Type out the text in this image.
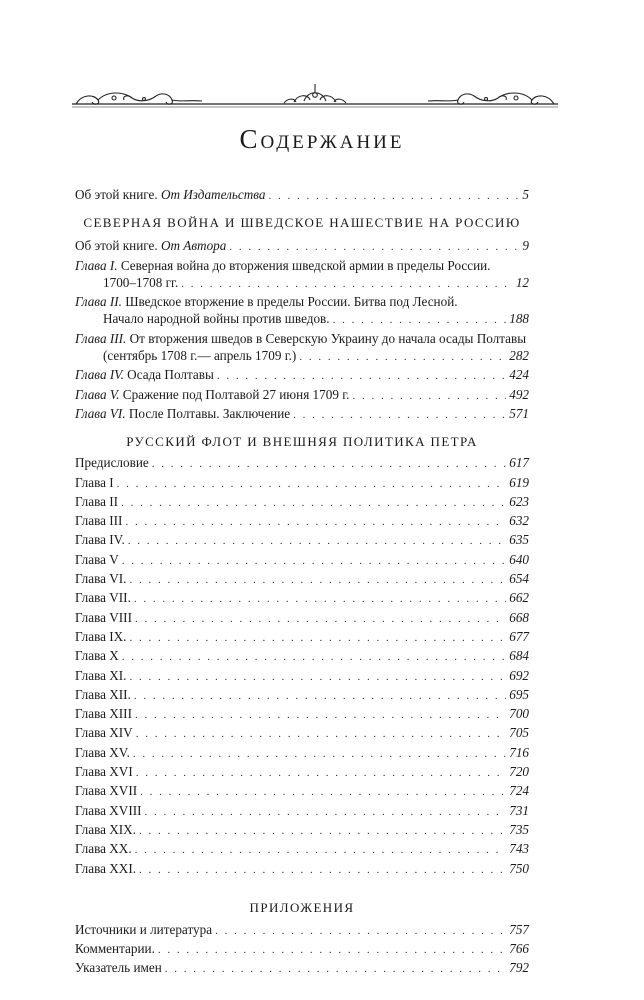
Содержание
Об этой книге. От Издательства . . .	5
СЕВЕРНАЯ ВОЙНА И ШВЕДСКОЕ НАШЕСТВИЕ НА РОССИЮ
Об этой книге. От Автора . . .	9
Глава I. Северная война до вторжения шведской армии в пределы России.
1700–1708 гг. . . .	12
Глава II. Шведское вторжение в пределы России. Битва под Лесной.
Начало народной войны против шведов. . . .	188
Глава III. От вторжения шведов в Северскую Украину до начала осады Полтавы
(сентябрь 1708 г.— апрель 1709 г.) . . .	282
Глава IV. Осада Полтавы . . .	424
Глава V. Сражение под Полтавой 27 июня 1709 г. . . .	492
Глава VI. После Полтавы. Заключение . . .	571
РУССКИЙ ФЛОТ И ВНЕШНЯЯ ПОЛИТИКА ПЕТРА
Предисловие . . .	617
Глава I . . .	619
Глава II . . .	623
Глава III . . .	632
Глава IV. . . .	635
Глава V . . .	640
Глава VI. . . .	654
Глава VII. . . .	662
Глава VIII . . .	668
Глава IX. . . .	677
Глава X . . .	684
Глава XI. . . .	692
Глава XII. . . .	695
Глава XIII . . .	700
Глава XIV . . .	705
Глава XV. . . .	716
Глава XVI . . .	720
Глава XVII . . .	724
Глава XVIII . . .	731
Глава XIX. . . .	735
Глава XX. . . .	743
Глава XXI. . . .	750
ПРИЛОЖЕНИЯ
Источники и литература . . .	757
Комментарии. . . .	766
Указатель имен . . .	792
